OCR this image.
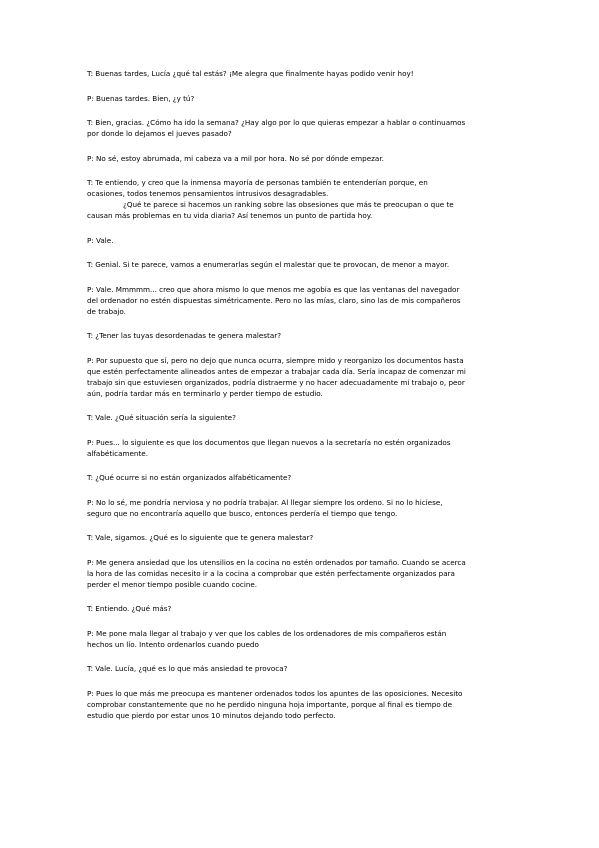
T: Buenas tardes, Lucía ¿qué tal estás? ¡Me alegra que finalmente hayas podido venir hoy!

P: Buenas tardes. Bien, ¿y tú?

T: Bien, gracias. ¿Cómo ha ido la semana? ¿Hay algo por lo que quieras empezar a hablar o continuamos
por donde lo dejamos el jueves pasado?

P: No sé, estoy abrumada, mi cabeza va a mil por hora. No sé por dónde empezar.

T: Te entiendo, y creo que la inmensa mayoría de personas también te entenderían porque, en
ocasiones, todos tenemos pensamientos intrusivos desagradables.
¿Qué te parece si hacemos un ranking sobre las obsesiones que más te preocupan o que te
causan más problemas en tu vida diaria? Así tenemos un punto de partida hoy.

P: Vale.

T: Genial. Si te parece, vamos a enumerarlas según el malestar que te provocan, de menor a mayor.

P: Vale. Mmmmm... creo que ahora mismo lo que menos me agobia es que las ventanas del navegador
del ordenador no estén dispuestas simétricamente. Pero no las mías, claro, sino las de mis compañeros
de trabajo.

T: ¿Tener las tuyas desordenadas te genera malestar?

P: Por supuesto que sí, pero no dejo que nunca ocurra, siempre mido y reorganizo los documentos hasta
que estén perfectamente alineados antes de empezar a trabajar cada día. Sería incapaz de comenzar mi
trabajo sin que estuviesen organizados, podría distraerme y no hacer adecuadamente mi trabajo o, peor
aún, podría tardar más en terminarlo y perder tiempo de estudio.

T: Vale. ¿Qué situación sería la siguiente?

P: Pues... lo siguiente es que los documentos que llegan nuevos a la secretaría no estén organizados
alfabéticamente.

T: ¿Qué ocurre si no están organizados alfabéticamente?

P: No lo sé, me pondría nerviosa y no podría trabajar. Al llegar siempre los ordeno. Si no lo hiciese,
seguro que no encontraría aquello que busco, entonces perdería el tiempo que tengo.

T: Vale, sigamos. ¿Qué es lo siguiente que te genera malestar?

P: Me genera ansiedad que los utensilios en la cocina no estén ordenados por tamaño. Cuando se acerca
la hora de las comidas necesito ir a la cocina a comprobar que estén perfectamente organizados para
perder el menor tiempo posible cuando cocine.

T: Entiendo. ¿Qué más?

P: Me pone mala llegar al trabajo y ver que los cables de los ordenadores de mis compañeros están
hechos un lío. Intento ordenarlos cuando puedo

T: Vale. Lucía, ¿qué es lo que más ansiedad te provoca?

P: Pues lo que más me preocupa es mantener ordenados todos los apuntes de las oposiciones. Necesito
comprobar constantemente que no he perdido ninguna hoja importante, porque al final es tiempo de
estudio que pierdo por estar unos 10 minutos dejando todo perfecto.
